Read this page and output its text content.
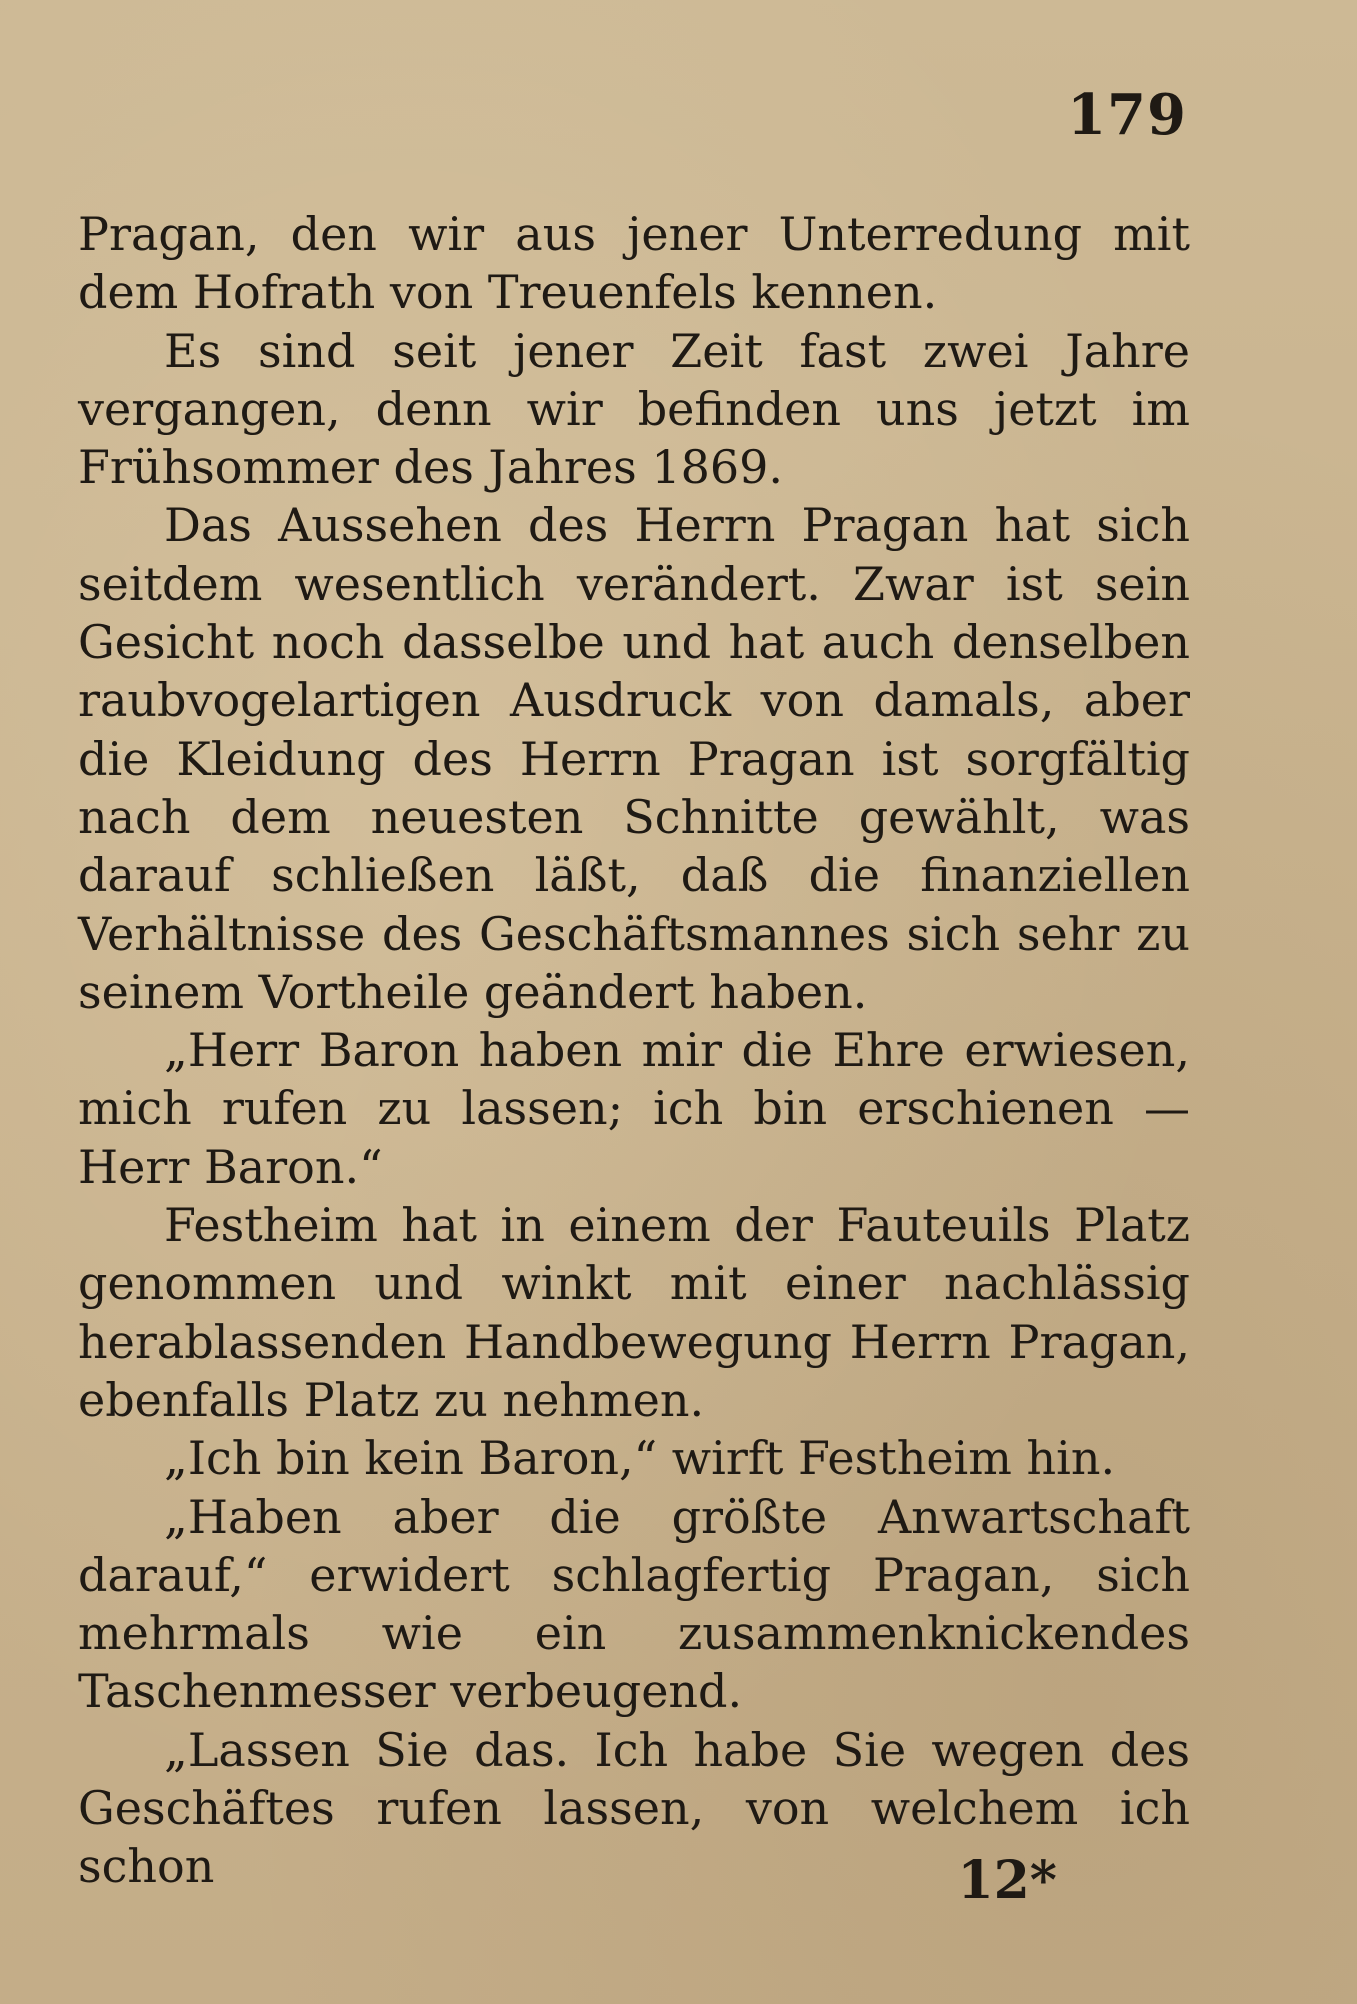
179

Pragan, den wir aus jener Unterredung mit dem Hofrath von Treuenfels kennen.

Es sind seit jener Zeit fast zwei Jahre vergangen, denn wir befinden uns jetzt im Frühsommer des Jahres 1869.

Das Aussehen des Herrn Pragan hat sich seitdem wesentlich verändert. Zwar ist sein Gesicht noch dasselbe und hat auch denselben raubvogelartigen Ausdruck von damals, aber die Kleidung des Herrn Pragan ist sorgfältig nach dem neuesten Schnitte gewählt, was darauf schließen läßt, daß die finanziellen Verhältnisse des Geschäftsmannes sich sehr zu seinem Vortheile geändert haben.

„Herr Baron haben mir die Ehre erwiesen, mich rufen zu lassen; ich bin erschienen — Herr Baron.“

Festheim hat in einem der Fauteuils Platz genommen und winkt mit einer nachlässig herablassenden Handbewegung Herrn Pragan, ebenfalls Platz zu nehmen.

„Ich bin kein Baron,“ wirft Festheim hin.

„Haben aber die größte Anwartschaft darauf,“ erwidert schlagfertig Pragan, sich mehrmals wie ein zusammenknickendes Taschenmesser verbeugend.

„Lassen Sie das. Ich habe Sie wegen des Geschäftes rufen lassen, von welchem ich schon	12*
